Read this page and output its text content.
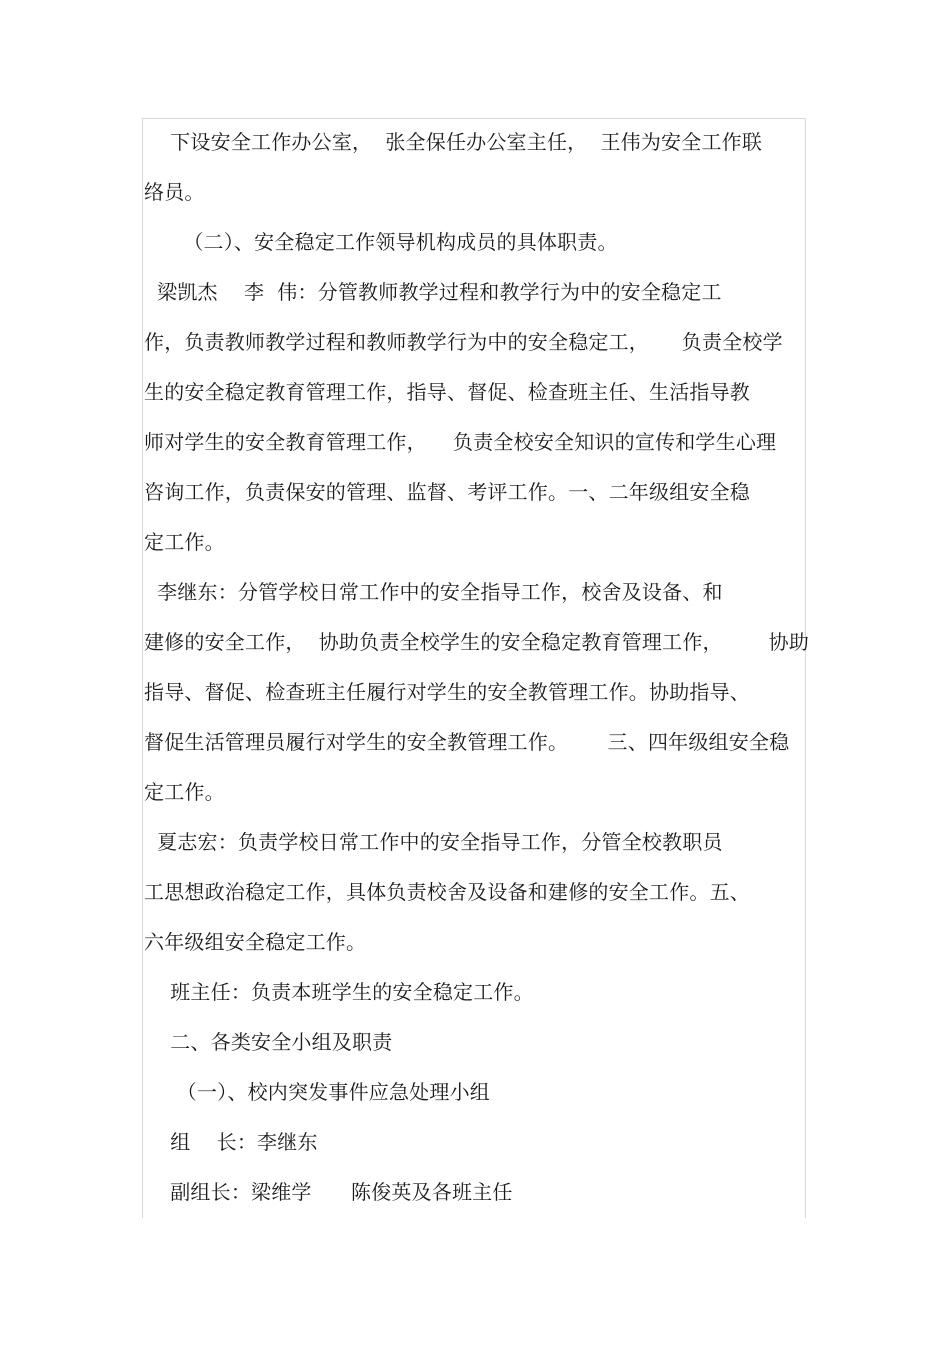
下设安全工作办公室，  张全保任办公室主任，  王伟为安全工作联

络员。

（二）、安全稳定工作领导机构成员的具体职责。

梁凯杰    李  伟：分管教师教学过程和教学行为中的安全稳定工

作，负责教师教学过程和教师教学行为中的安全稳定工，     负责全校学

生的安全稳定教育管理工作，指导、督促、检查班主任、生活指导教

师对学生的安全教育管理工作，    负责全校安全知识的宣传和学生心理

咨询工作，负责保安的管理、监督、考评工作。一、二年级组安全稳

定工作。

李继东：分管学校日常工作中的安全指导工作，校舍及设备、和

建修的安全工作，  协助负责全校学生的安全稳定教育管理工作，       协助

指导、督促、检查班主任履行对学生的安全教管理工作。协助指导、

督促生活管理员履行对学生的安全教管理工作。      三、四年级组安全稳

定工作。

夏志宏：负责学校日常工作中的安全指导工作，分管全校教职员

工思想政治稳定工作，具体负责校舍及设备和建修的安全工作。五、

六年级组安全稳定工作。

班主任：负责本班学生的安全稳定工作。

二、各类安全小组及职责

（一）、校内突发事件应急处理小组

组    长：李继东

副组长：梁维学      陈俊英及各班主任
